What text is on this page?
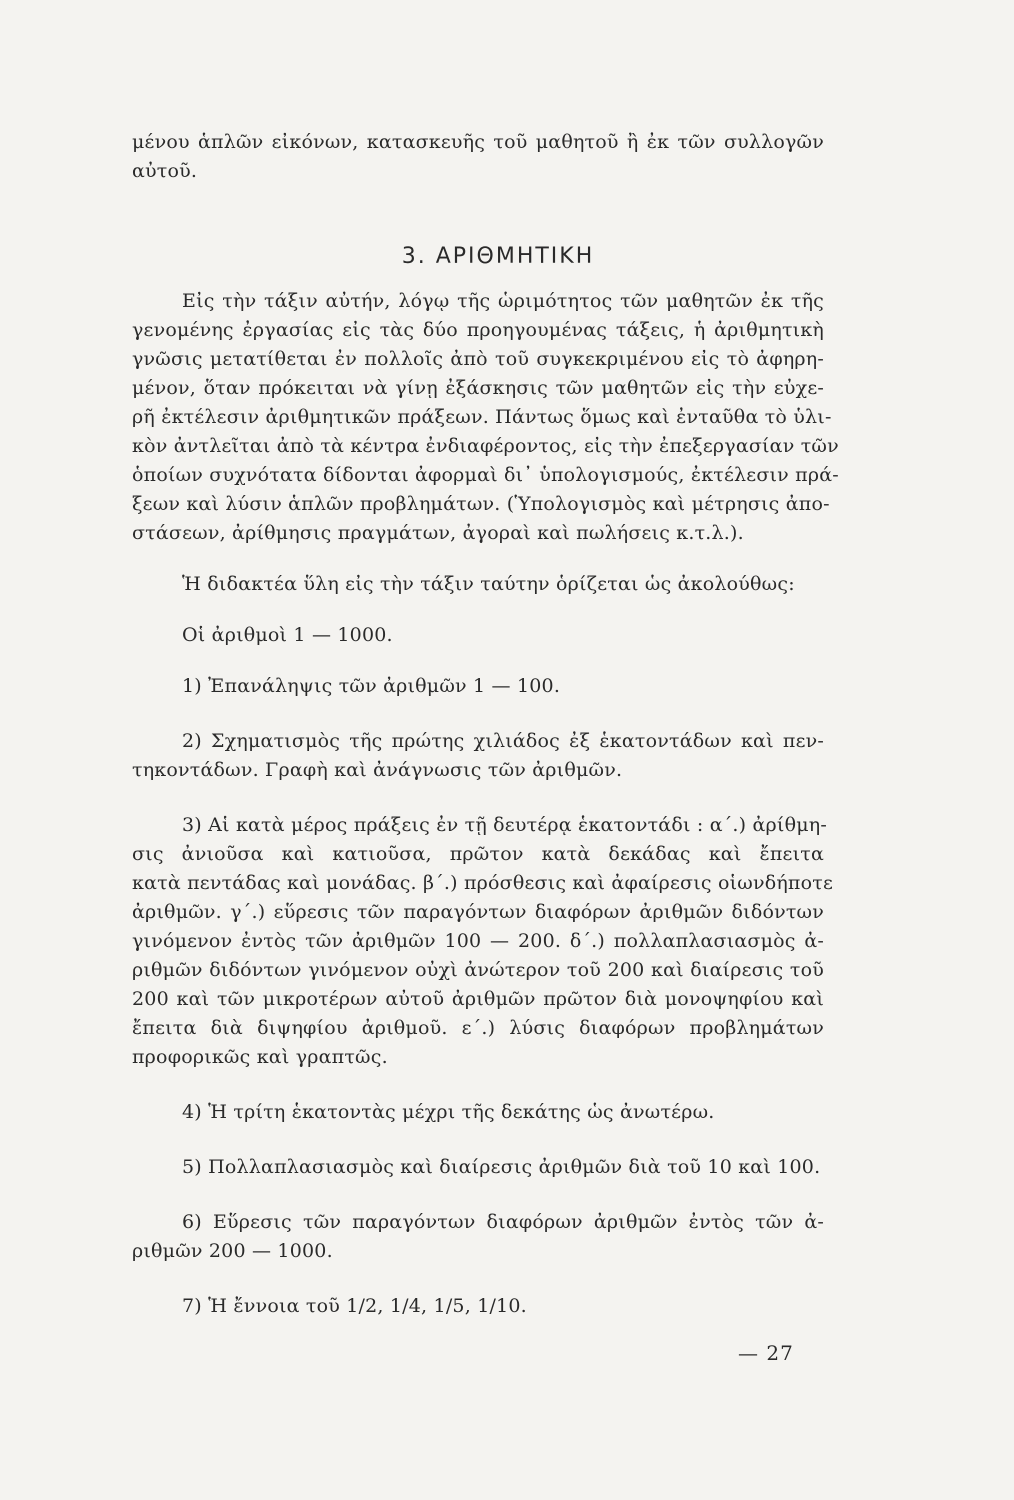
μένου ἁπλῶν εἰκόνων, κατασκευῆς τοῦ μαθητοῦ ἢ ἐκ τῶν συλλογῶν
αὐτοῦ.
3. ΑΡΙΘΜΗΤΙΚΗ
Εἰς τὴν τάξιν αὐτήν, λόγῳ τῆς ὡριμότητος τῶν μαθητῶν ἐκ τῆς
γενομένης ἐργασίας εἰς τὰς δύο προηγουμένας τάξεις, ἡ ἀριθμητικὴ
γνῶσις μετατίθεται ἐν πολλοῖς ἀπὸ τοῦ συγκεκριμένου εἰς τὸ ἀφηρη-
μένον, ὅταν πρόκειται νὰ γίνῃ ἐξάσκησις τῶν μαθητῶν εἰς τὴν εὐχε-
ρῆ ἐκτέλεσιν ἀριθμητικῶν πράξεων. Πάντως ὅμως καὶ ἐνταῦθα τὸ ὑλι-
κὸν ἀντλεῖται ἀπὸ τὰ κέντρα ἐνδιαφέροντος, εἰς τὴν ἐπεξεργασίαν τῶν
ὁποίων συχνότατα δίδονται ἀφορμαὶ δι᾽ ὑπολογισμούς, ἐκτέλεσιν πρά-
ξεων καὶ λύσιν ἁπλῶν προβλημάτων. (Ὑπολογισμὸς καὶ μέτρησις ἀπο-
στάσεων, ἀρίθμησις πραγμάτων, ἀγοραὶ καὶ πωλήσεις κ.τ.λ.).
Ἡ διδακτέα ὕλη εἰς τὴν τάξιν ταύτην ὁρίζεται ὡς ἀκολούθως:
Οἱ ἀριθμοὶ 1 — 1000.
1) Ἐπανάληψις τῶν ἀριθμῶν 1 — 100.
2) Σχηματισμὸς τῆς πρώτης χιλιάδος ἐξ ἑκατοντάδων καὶ πεν-
τηκοντάδων. Γραφὴ καὶ ἀνάγνωσις τῶν ἀριθμῶν.
3) Αἱ κατὰ μέρος πράξεις ἐν τῇ δευτέρᾳ ἑκατοντάδι : α΄.) ἀρίθμη-
σις ἀνιοῦσα καὶ κατιοῦσα, πρῶτον κατὰ δεκάδας καὶ ἔπειτα
κατὰ πεντάδας καὶ μονάδας. β΄.) πρόσθεσις καὶ ἀφαίρεσις οἱωνδήποτε
ἀριθμῶν. γ΄.) εὕρεσις τῶν παραγόντων διαφόρων ἀριθμῶν διδόντων
γινόμενον ἐντὸς τῶν ἀριθμῶν 100 — 200. δ΄.) πολλαπλασιασμὸς ἀ-
ριθμῶν διδόντων γινόμενον οὐχὶ ἀνώτερον τοῦ 200 καὶ διαίρεσις τοῦ
200 καὶ τῶν μικροτέρων αὐτοῦ ἀριθμῶν πρῶτον διὰ μονοψηφίου καὶ
ἔπειτα διὰ διψηφίου ἀριθμοῦ. ε΄.) λύσις διαφόρων προβλημάτων
προφορικῶς καὶ γραπτῶς.
4) Ἡ τρίτη ἑκατοντὰς μέχρι τῆς δεκάτης ὡς ἀνωτέρω.
5) Πολλαπλασιασμὸς καὶ διαίρεσις ἀριθμῶν διὰ τοῦ 10 καὶ 100.
6) Εὕρεσις τῶν παραγόντων διαφόρων ἀριθμῶν ἐντὸς τῶν ἀ-
ριθμῶν 200 — 1000.
7) Ἡ ἔννοια τοῦ 1/2, 1/4, 1/5, 1/10.
— 27
